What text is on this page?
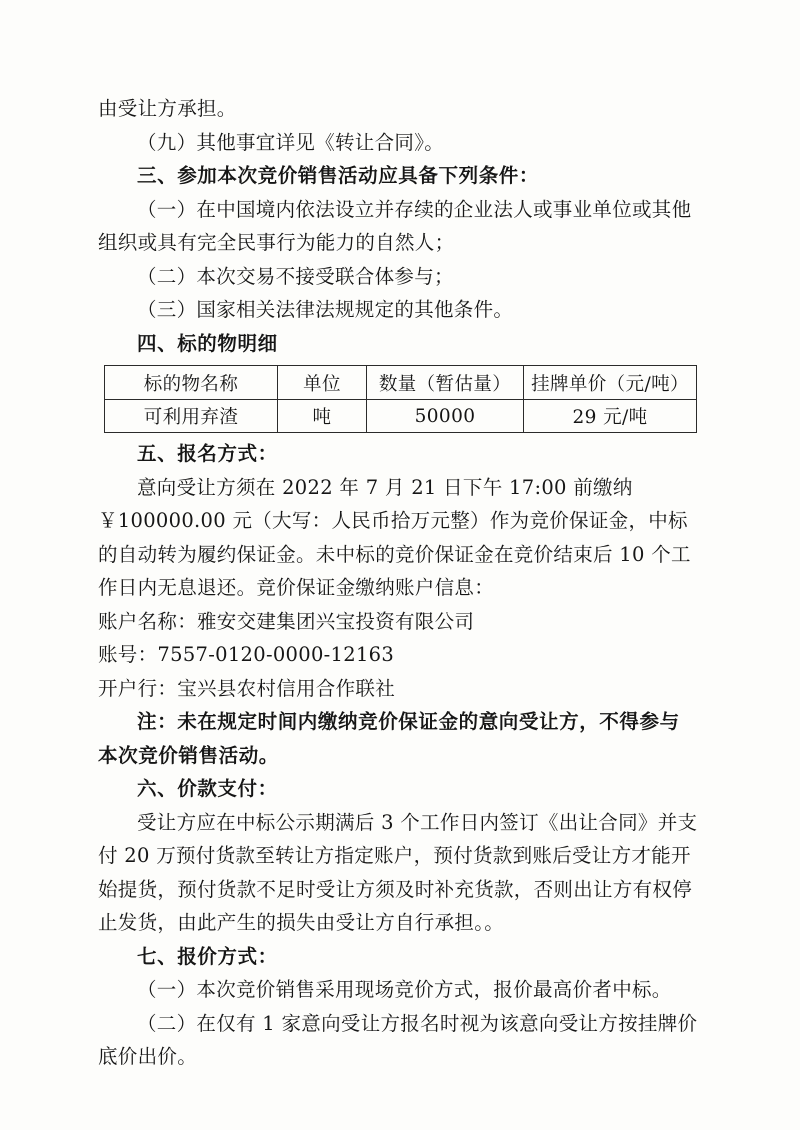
由受让方承担。

（九）其他事宜详见《转让合同》。

三、参加本次竞价销售活动应具备下列条件：

（一）在中国境内依法设立并存续的企业法人或事业单位或其他组织或具有完全民事行为能力的自然人；

（二）本次交易不接受联合体参与；

（三）国家相关法律法规规定的其他条件。

四、标的物明细

标的物名称	单位	数量（暂估量）	挂牌单价（元/吨）
可利用弃渣	吨	50000	29 元/吨

五、报名方式：

意向受让方须在 2022 年 7 月 21 日下午 17:00 前缴纳￥100000.00 元（大写：人民币拾万元整）作为竞价保证金，中标的自动转为履约保证金。未中标的竞价保证金在竞价结束后 10 个工作日内无息退还。竞价保证金缴纳账户信息：

账户名称：雅安交建集团兴宝投资有限公司

账号：7557-0120-0000-12163

开户行：宝兴县农村信用合作联社

注：未在规定时间内缴纳竞价保证金的意向受让方，不得参与本次竞价销售活动。

六、价款支付：

受让方应在中标公示期满后 3 个工作日内签订《出让合同》并支付 20 万预付货款至转让方指定账户，预付货款到账后受让方才能开始提货，预付货款不足时受让方须及时补充货款，否则出让方有权停止发货，由此产生的损失由受让方自行承担。。

七、报价方式：

（一）本次竞价销售采用现场竞价方式，报价最高价者中标。

（二）在仅有 1 家意向受让方报名时视为该意向受让方按挂牌价底价出价。
